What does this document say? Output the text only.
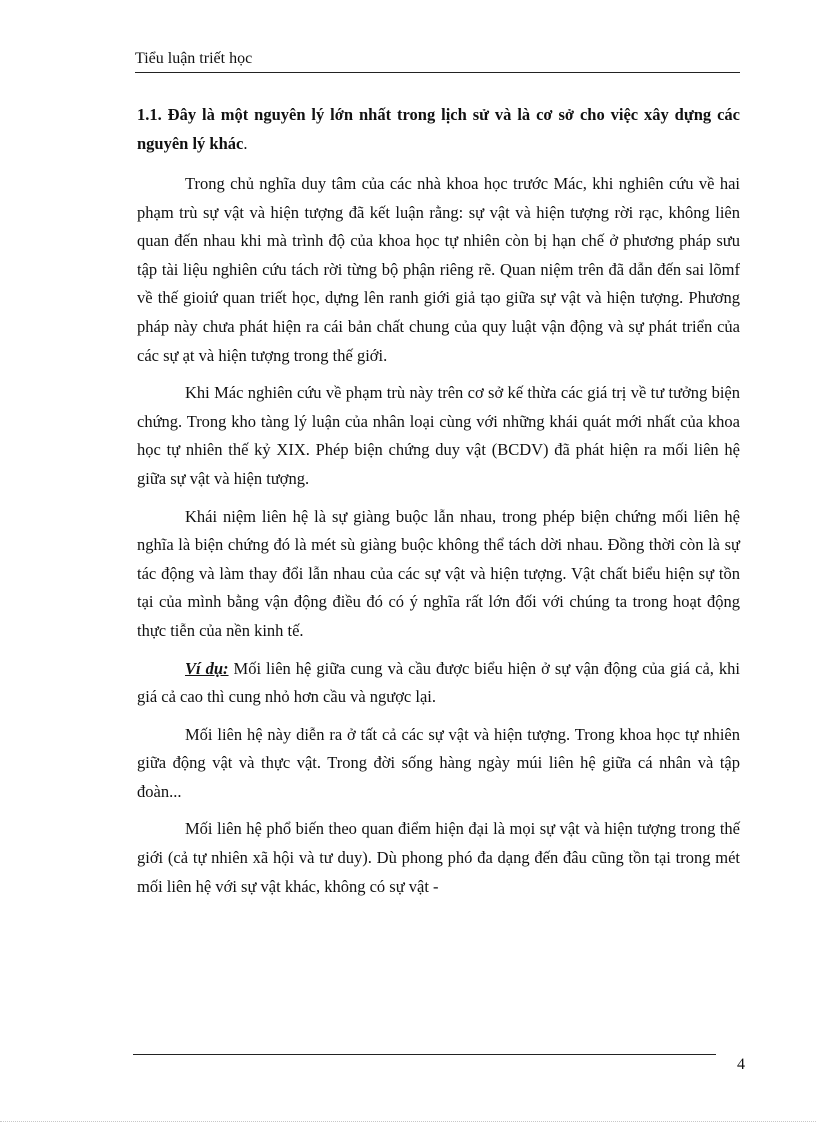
Tiểu luận triết học

1.1. Đây là một nguyên lý lớn nhất trong lịch sử và là cơ sở cho việc xây dựng các nguyên lý khác.

Trong chủ nghĩa duy tâm của các nhà khoa học trước Mác, khi nghiên cứu về hai phạm trù sự vật và hiện tượng đã kết luận rằng: sự vật và hiện tượng rời rạc, không liên quan đến nhau khi mà trình độ của khoa học tự nhiên còn bị hạn chế ở phương pháp sưu tập tài liệu nghiên cứu tách rời từng bộ phận riêng rẽ. Quan niệm trên đã dẫn đến sai lõmf về thế gioiứ quan triết học, dựng lên ranh giới giả tạo giữa sự vật và hiện tượng. Phương pháp này chưa phát hiện ra cái bản chất chung của quy luật vận động và sự phát triển của các sự ạt và hiện tượng trong thế giới.

Khi Mác nghiên cứu về phạm trù này trên cơ sở kế thừa các giá trị về tư tưởng biện chứng. Trong kho tàng lý luận của nhân loại cùng với những khái quát mới nhất của khoa học tự nhiên thế kỷ XIX. Phép biện chứng duy vật (BCDV) đã phát hiện ra mối liên hệ giữa sự vật và hiện tượng.

Khái niệm liên hệ là sự giàng buộc lẫn nhau, trong phép biện chứng mối liên hệ nghĩa là biện chứng đó là mét sù giàng buộc không thể tách dời nhau. Đồng thời còn là sự tác động và làm thay đổi lẫn nhau của các sự vật và hiện tượng. Vật chất biểu hiện sự tồn tại của mình bằng vận động điều đó có ý nghĩa rất lớn đối với chúng ta trong hoạt động thực tiễn của nền kinh tế.

Ví dụ: Mối liên hệ giữa cung và cầu được biểu hiện ở sự vận động của giá cả, khi giá cả cao thì cung nhỏ hơn cầu và ngược lại.

Mối liên hệ này diễn ra ở tất cả các sự vật và hiện tượng. Trong khoa học tự nhiên giữa động vật và thực vật. Trong đời sống hàng ngày múi liên hệ giữa cá nhân và tập đoàn...

Mối liên hệ phổ biến theo quan điểm hiện đại là mọi sự vật và hiện tượng trong thế giới (cả tự nhiên xã hội và tư duy). Dù phong phó đa dạng đến đâu cũng tồn tại trong mét mối liên hệ với sự vật khác, không có sự vật -

4
